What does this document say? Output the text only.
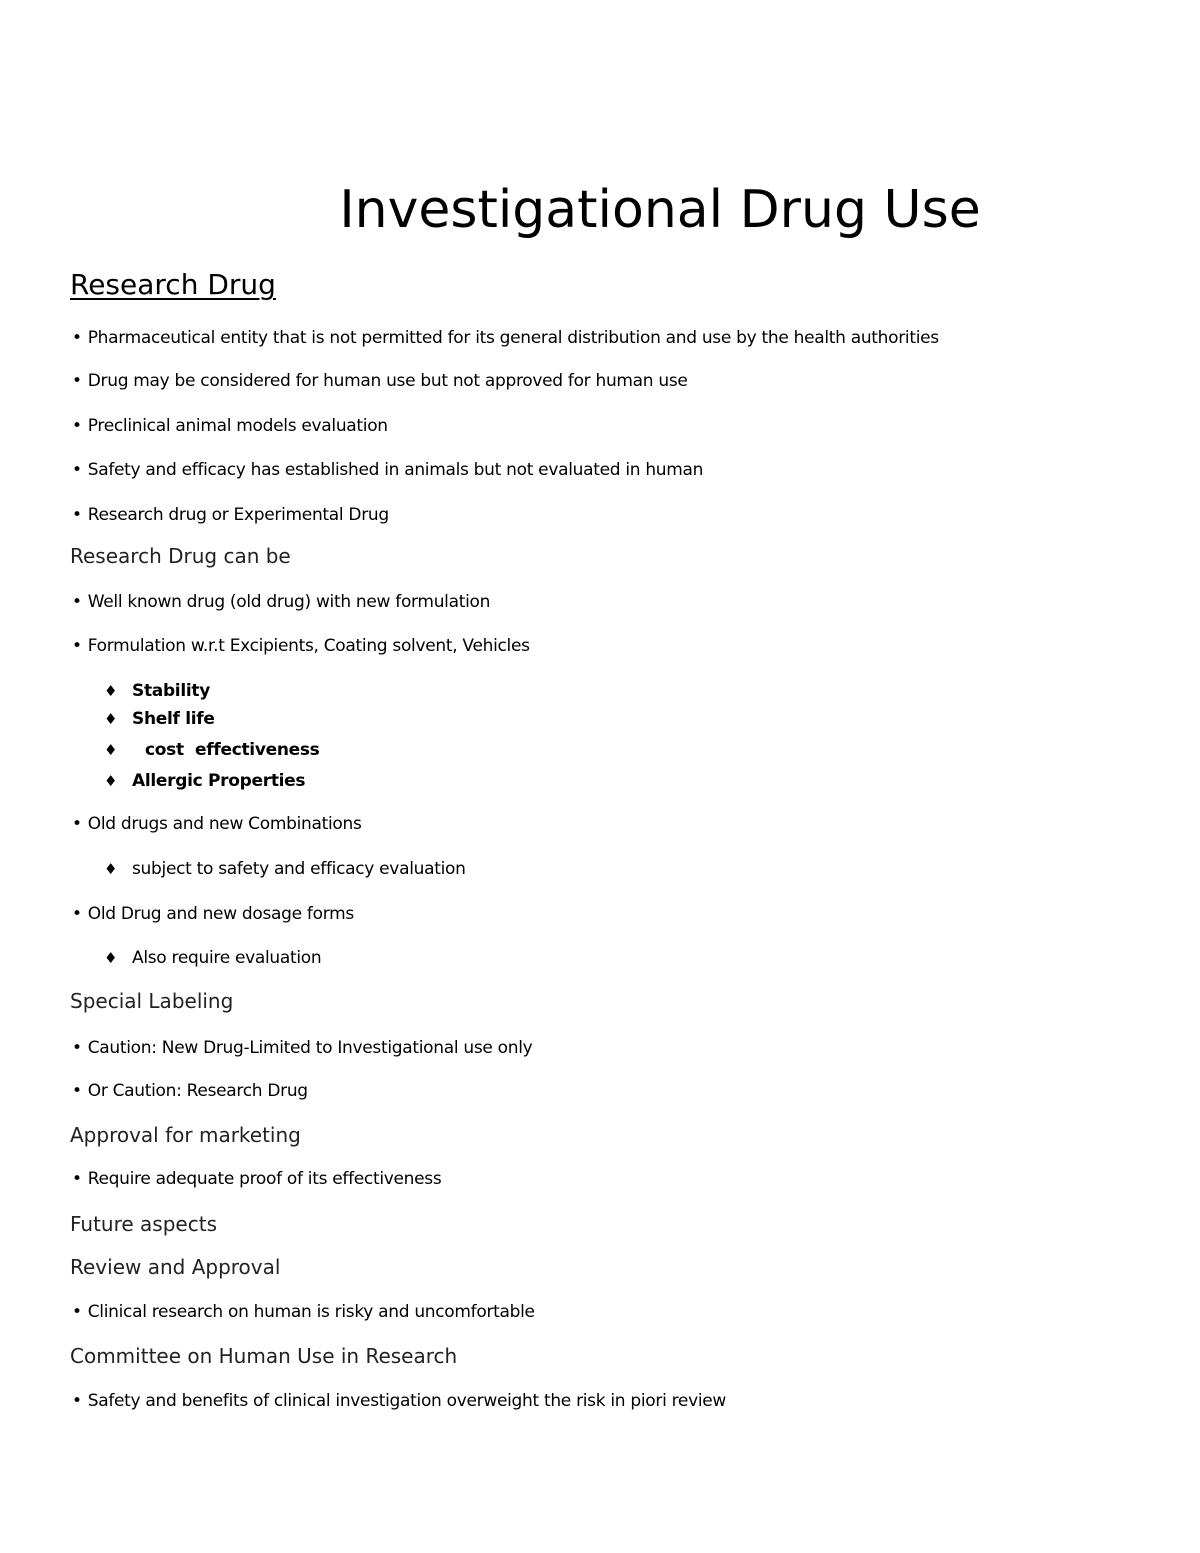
Investigational Drug Use
Research Drug
• Pharmaceutical entity that is not permitted for its general distribution and use by the health authorities
• Drug may be considered for human use but not approved for human use
• Preclinical animal models evaluation
• Safety and efficacy has established in animals but not evaluated in human
• Research drug or Experimental Drug
Research Drug can be
• Well known drug (old drug) with new formulation
• Formulation w.r.t Excipients, Coating solvent, Vehicles
♦ Stability
♦ Shelf life
♦ cost  effectiveness
♦ Allergic Properties
• Old drugs and new Combinations
♦ subject to safety and efficacy evaluation
• Old Drug and new dosage forms
♦ Also require evaluation
Special Labeling
• Caution: New Drug-Limited to Investigational use only
• Or Caution: Research Drug
Approval for marketing
• Require adequate proof of its effectiveness
Future aspects
Review and Approval
• Clinical research on human is risky and uncomfortable
Committee on Human Use in Research
• Safety and benefits of clinical investigation overweight the risk in piori review
